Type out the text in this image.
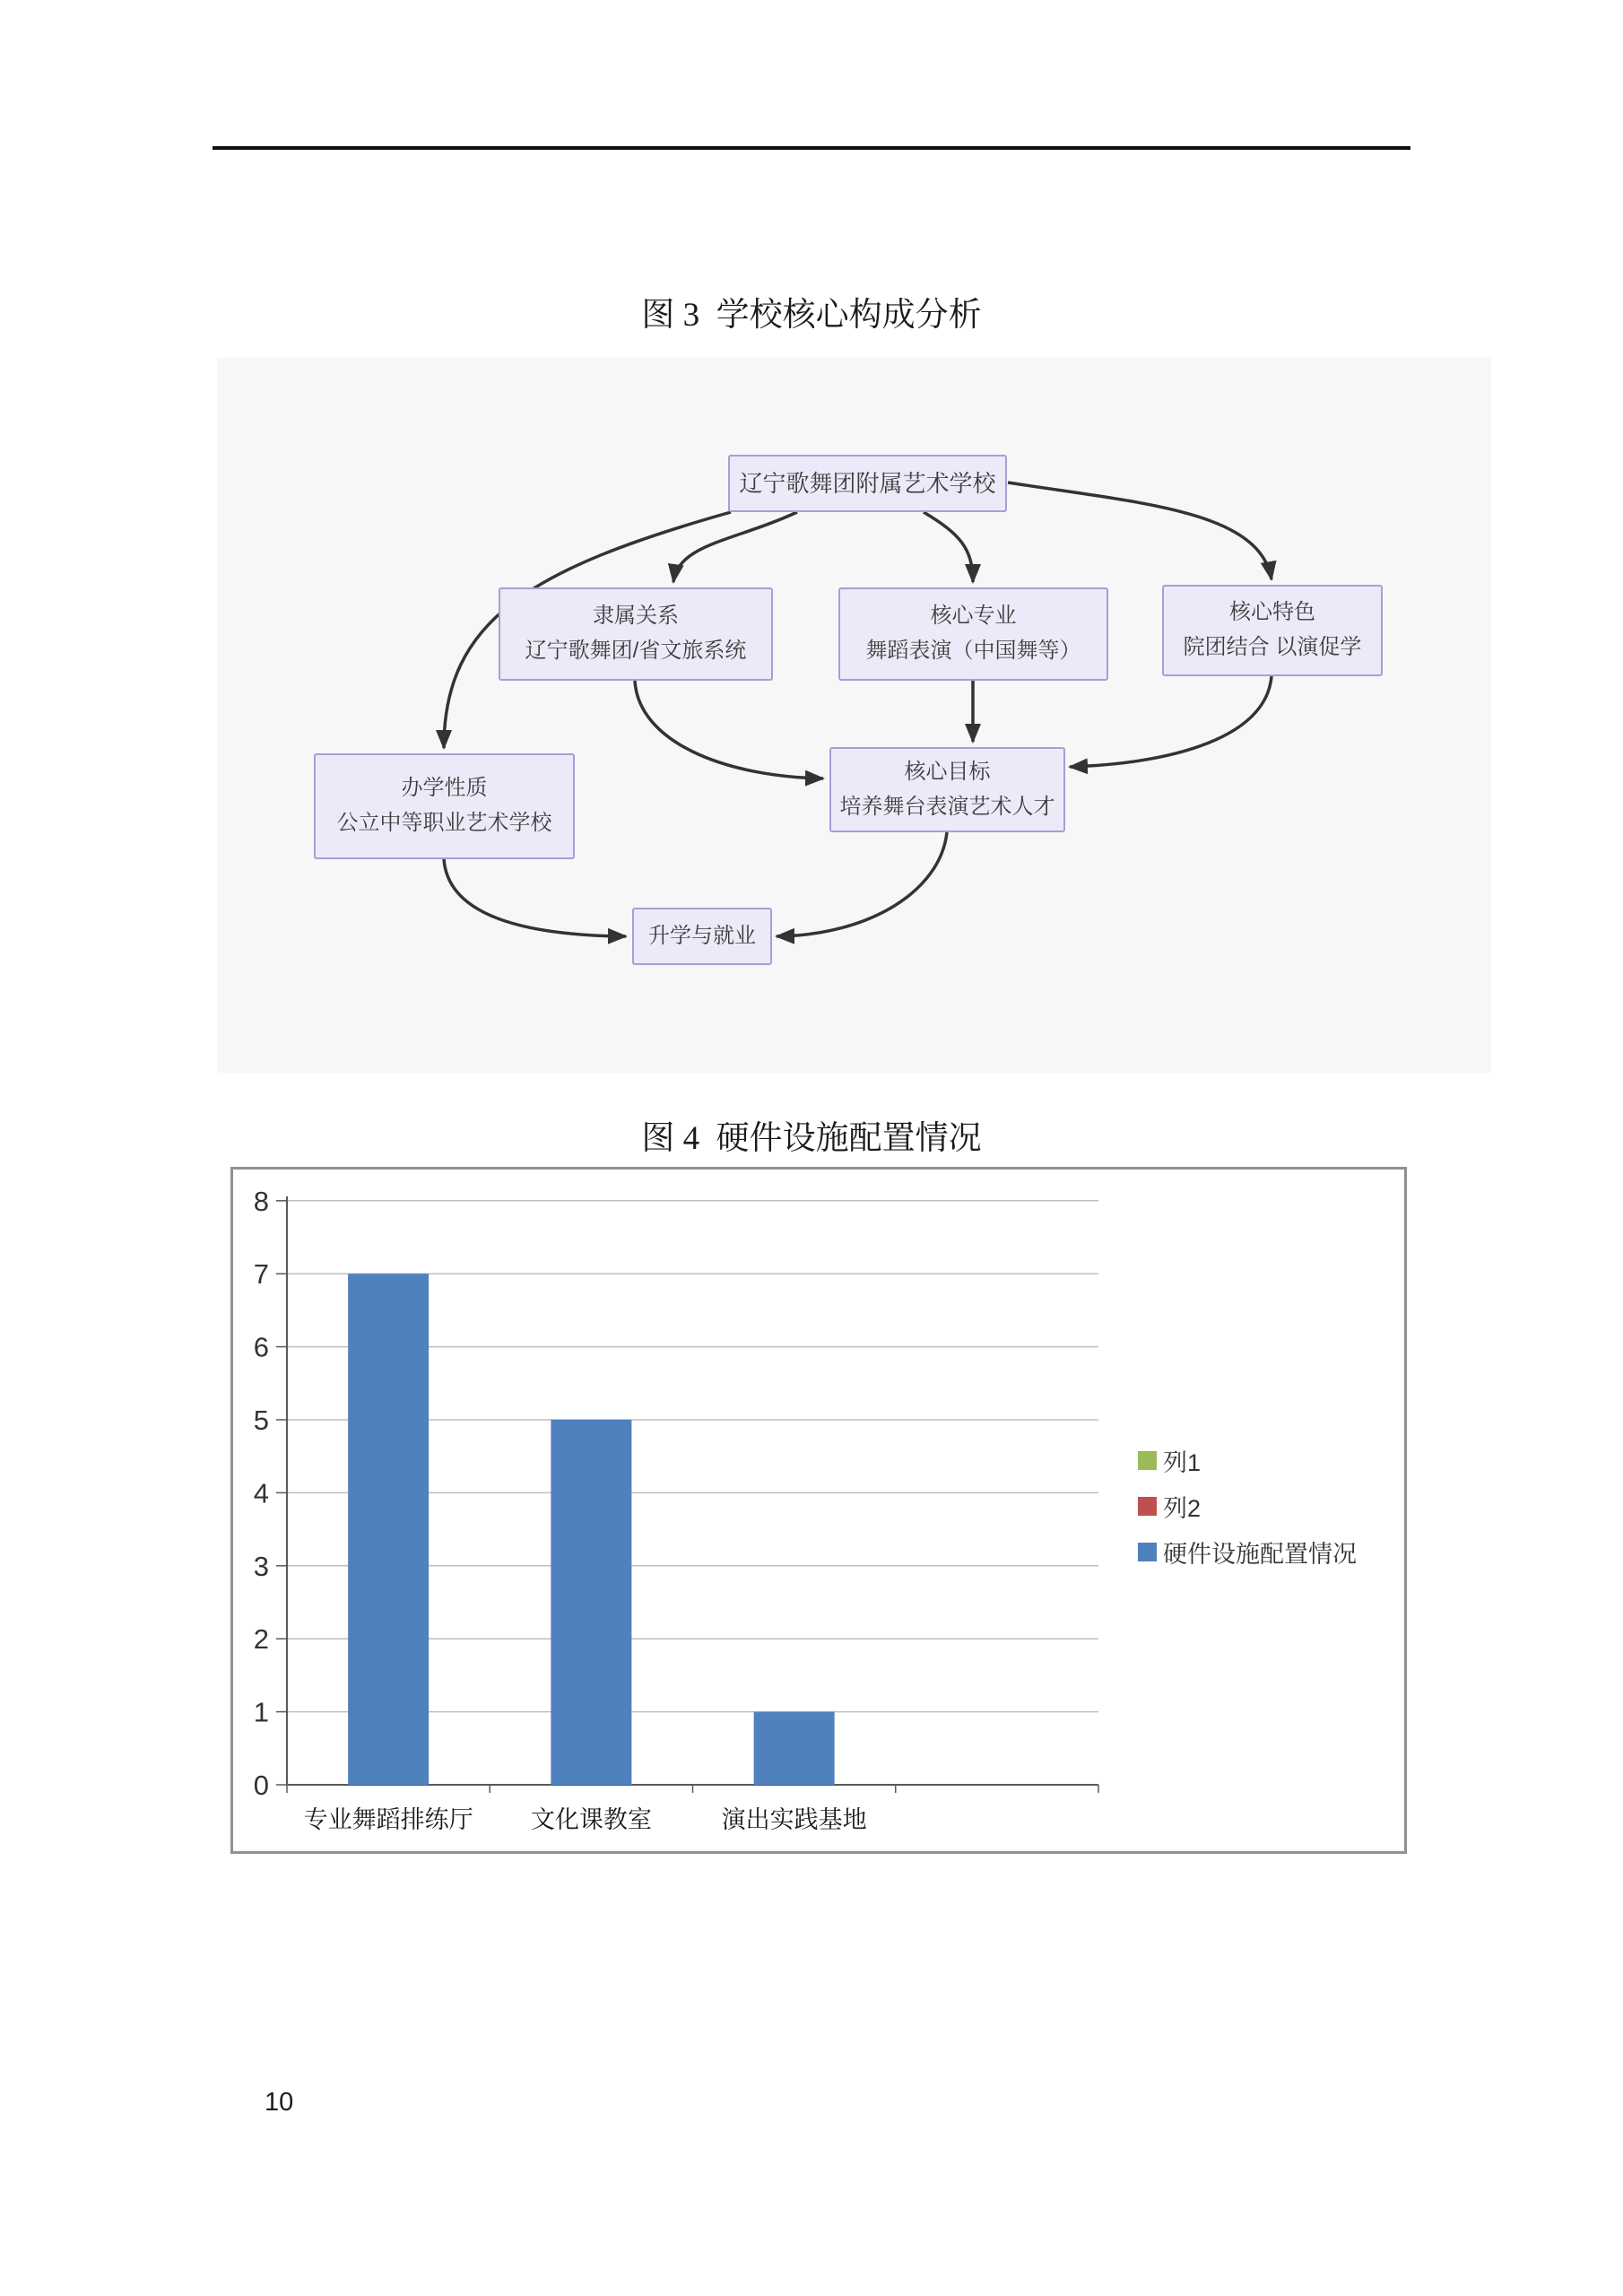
图 3  学校核心构成分析
辽宁歌舞团附属艺术学校
隶属关系
辽宁歌舞团/省文旅系统
核心专业
舞蹈表演（中国舞等）
核心特色
院团结合 以演促学
办学性质
公立中等职业艺术学校
核心目标
培养舞台表演艺术人才
升学与就业
图 4  硬件设施配置情况
0
1
2
3
4
5
6
7
8
专业舞蹈排练厅 文化课教室	演出实践基地
列1
列2
硬件设施配置情况
10
